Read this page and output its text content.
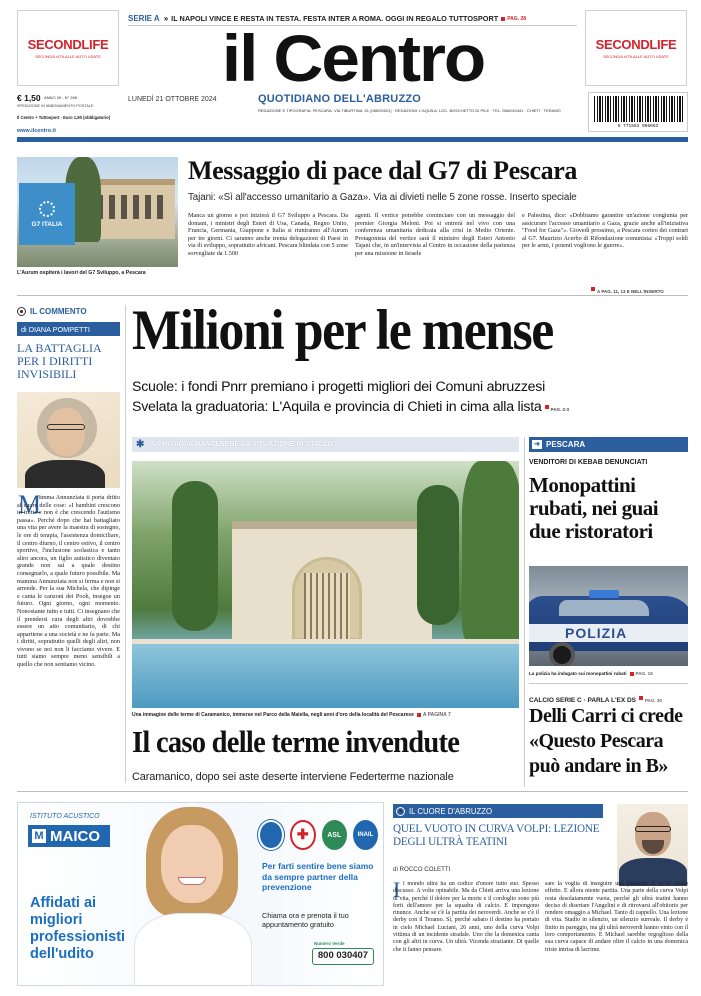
SECONDLIFE
SECONDA VITA ALLE AUTO USATE
SECONDLIFE
SECONDA VITA ALLE AUTO USATE
SERIE A » IL NAPOLI VINCE E RESTA IN TESTA. FESTA INTER A ROMA. OGGI IN REGALO TUTTOSPORT PAG. 28
il Centro
LUNEDÌ 21 OTTOBRE 2024	QUOTIDIANO DELL'ABRUZZO
€ 1,50 ANNO 39 - N° 286
SPEDIZIONE IN ABBONAMENTO POSTALE
Il Centro + Tuttosport - Euro 1,80 (obbligatorio)
www.ilcentro.it
REDAZIONE E TIPOGRAFIA: PESCARA, VIA TIBURTINA, 51 (085/20521) · REDAZIONI: L'AQUILA, LOC. BOSCHETTO DI PILE · TEL. 0862/40441 · CHIETI · TERAMO
9 771592 906663
G7 ITALIA
L'Aurum ospiterà i lavori del G7 Sviluppo, a Pescara
Messaggio di pace dal G7 di Pescara
Tajani: «Sì all'accesso umanitario a Gaza». Via ai divieti nelle 5 zone rosse. Inserto speciale
Manca un giorno e poi inizierà il G7 Sviluppo a Pescara. Da domani, i ministri degli Esteri di Usa, Canada, Regno Unito, Francia, Germania, Giappone e Italia si riuniranno all'Aurum per tre giorni. Ci saranno anche trenta delegazioni di Paesi in via di sviluppo, soprattutto africani. Pescara blindata con 5 zone sorvegliate da 1.500
agenti. Il vertice potrebbe cominciare con un messaggio del premier Giorgia Meloni. Poi si entrerà nel vivo con una conferenza umanitaria dedicata alla crisi in Medio Oriente. Protagonista del vertice sarà il ministro degli Esteri Antonio Tajani che, in un'intervista al Centro in occasione della partenza per una missione in Israele
e Palestina, dice: «Dobbiamo garantire un'azione congiunta per assicurare l'accesso umanitario a Gaza, grazie anche all'iniziativa "Food for Gaza"». Giovedì prossimo, a Pescara corteo dei contrari al G7. Maurizio Acerbo di Rifondazione comunista: «Troppi soldi per le armi, i potenti vogliono le guerre».
A PAG. 11, 13 E NELL'INSERTO
IL COMMENTO
di DIANA POMPETTI
LA BATTAGLIA PER I DIRITTI INVISIBILI
M
amma Annunziata ti porta dritto al cuore delle cose: «I bambini crescono in fretta e non è che crescendo l'autismo passa». Perché dopo che hai battagliato una vita per avere la maestra di sostegno, le ore di terapia, l'assistenza domiciliare, il centro diurno, il centro estivo, il centro sportivo, l'inclusione scolastica e tanto altro ancora, un figlio autistico diventato grande non sai a quale destino consegnarlo, a quale futuro possibile. Ma mamma Annunziata non si ferma e non si arrende. Per la sua Michela, che dipinge e canta le canzoni dei Pooh, insegue un futuro. Ogni giorno, ogni momento. Nonostante tutto e tutti. Ci insegnano che il prendersi cura degli altri dovrebbe essere un atto comunitario, di chi appartiene a una società e ne fa parte. Ma i diritti, soprattutto quelli degli altri, non vivono se noi non li facciamo vivere. E tutti siamo sempre meno sensibili a quello che non sentiamo vicino.
Milioni per le mense
Scuole: i fondi Pnrr premiano i progetti migliori dei Comuni abruzzesi
Svelata la graduatoria: L'Aquila e provincia di Chieti in cima alla lista PAG. 2-3
✱ A CHI GIOVA MANTENERE LA SITUAZIONE IN STALLO?
Una immagine delle terme di Caramanico, immerse nel Parco della Maiella, negli anni d'oro della località del Pescarese A PAGINA 7
Il caso delle terme invendute
Caramanico, dopo sei aste deserte interviene Federterme nazionale
➜ PESCARA
VENDITORI DI KEBAB DENUNCIATI
Monopattini rubati, nei guai due ristoratori
POLIZIA
La polizia ha indagato sui monopattini rubati PAG. 15
CALCIO SERIE C · PARLA L'EX DS PAG. 30
Delli Carri ci crede «Questo Pescara può andare in B»
ISTITUTO ACUSTICO
M MAICO
Affidati ai migliori professionisti dell'udito
✚	ASL	INAIL
Per farti sentire bene siamo da sempre partner della prevenzione
Chiama ora e prenota il tuo appuntamento gratuito
Numero Verde
800 030407
IL CUORE D'ABRUZZO
QUEL VUOTO IN CURVA VOLPI: LEZIONE DEGLI ULTRÀ TEATINI
di ROCCO COLETTI
I l mondo ultrà ha un codice d'onore tutto suo. Spesso discusso. A volte opinabile. Ma da Chieti arriva una lezione di vita, perché il dolore per la morte e il cordoglio sono più forti dell'amore per la squadra di calcio. E impongono rinunce. Anche se c'è la partita dei neroverdi. Anche se c'è il derby con il Teramo. Sì, perché sabato il destino ha portato in cielo Michael Luciani, 26 anni, uno della curva Volpi vittima di un incidente stradale. Uno che la domenica canta con gli altri in curva. Un ultrà. Vicenda straziante. Di quelle che ti fanno pensare.
sare la voglia di inseguire una passione. E fa lo stesso effetto. E allora niente partita. Una parte della curva Volpi resta desolatamente vuota, perché gli ultrà teatini hanno deciso di disertare l'Angelini e di ritrovarsi all'obitorio per rendere omaggio a Michael. Tanto di cappello. Una lezione di vita. Stadio in silenzio, un silenzio surreale. Il derby è finito in pareggio, ma gli ultrà neroverdi hanno vinto con il loro comportamento. E Michael sarebbe orgoglioso della sua curva capace di andare oltre il calcio in una domenica triste intrisa di lacrime.
